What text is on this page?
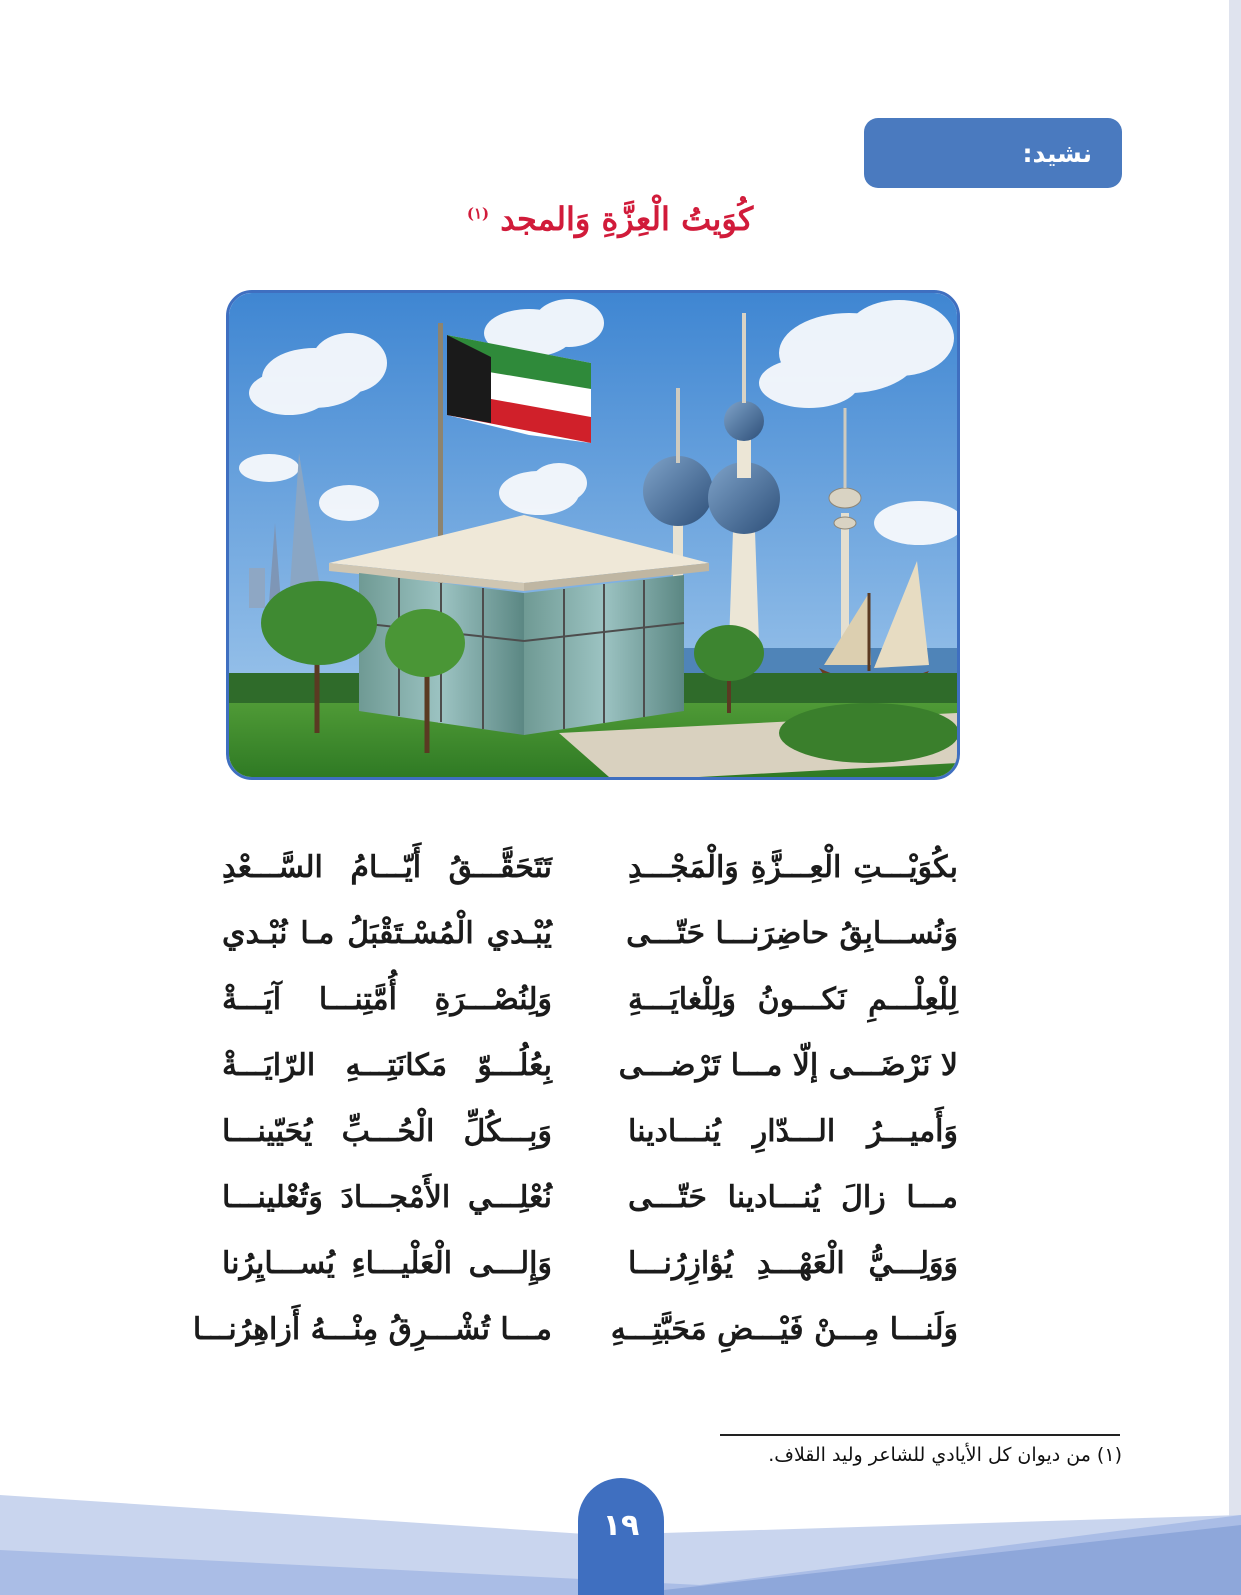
نشيد:
كُوَيتُ الْعِزَّةِ وَالمجد $^{(١)}$
بكُوَيْـــتِ الْعِـــزَّةِ وَالْمَجْـــدِ
وَنُســـابِقُ حاضِرَنـــا حَتّـــى
لِلْعِلْـــمِ نَكـــونُ وَلِلْغايَـــةِ
لا نَرْضَـــى إلّا مـــا تَرْضـــى
وَأَميـــرُ الـــدّارِ يُنـــادينا
مـــا زالَ يُنـــادينا حَتّـــى
وَوَلِـــيُّ الْعَهْـــدِ يُؤازِرُنـــا
وَلَنـــا مِـــنْ فَيْـــضِ مَحَبَّتِـــهِ
تَتَحَقَّـــقُ أَيّـــامُ السَّـــعْدِ
يُبْـدي الْمُسْـتَقْبَلُ مـا نُبْـدي
وَلِنُصْـــرَةِ أُمَّتِنـــا آيَـــةْ
بِعُلُـــوّ مَكانَتِـــهِ الرّايَـــةْ
وَبِـــكُلِّ الْحُـــبِّ يُحَيّينـــا
نُعْلِـــي الأَمْجـــادَ وَتُعْلينـــا
وَإِلـــى الْعَلْيـــاءِ يُســـايِرُنا
مـــا تُشْـــرِقُ مِنْـــهُ أَزاهِرُنـــا
(١) من ديوان كل الأيادي للشاعر وليد القلاف.
١٩
